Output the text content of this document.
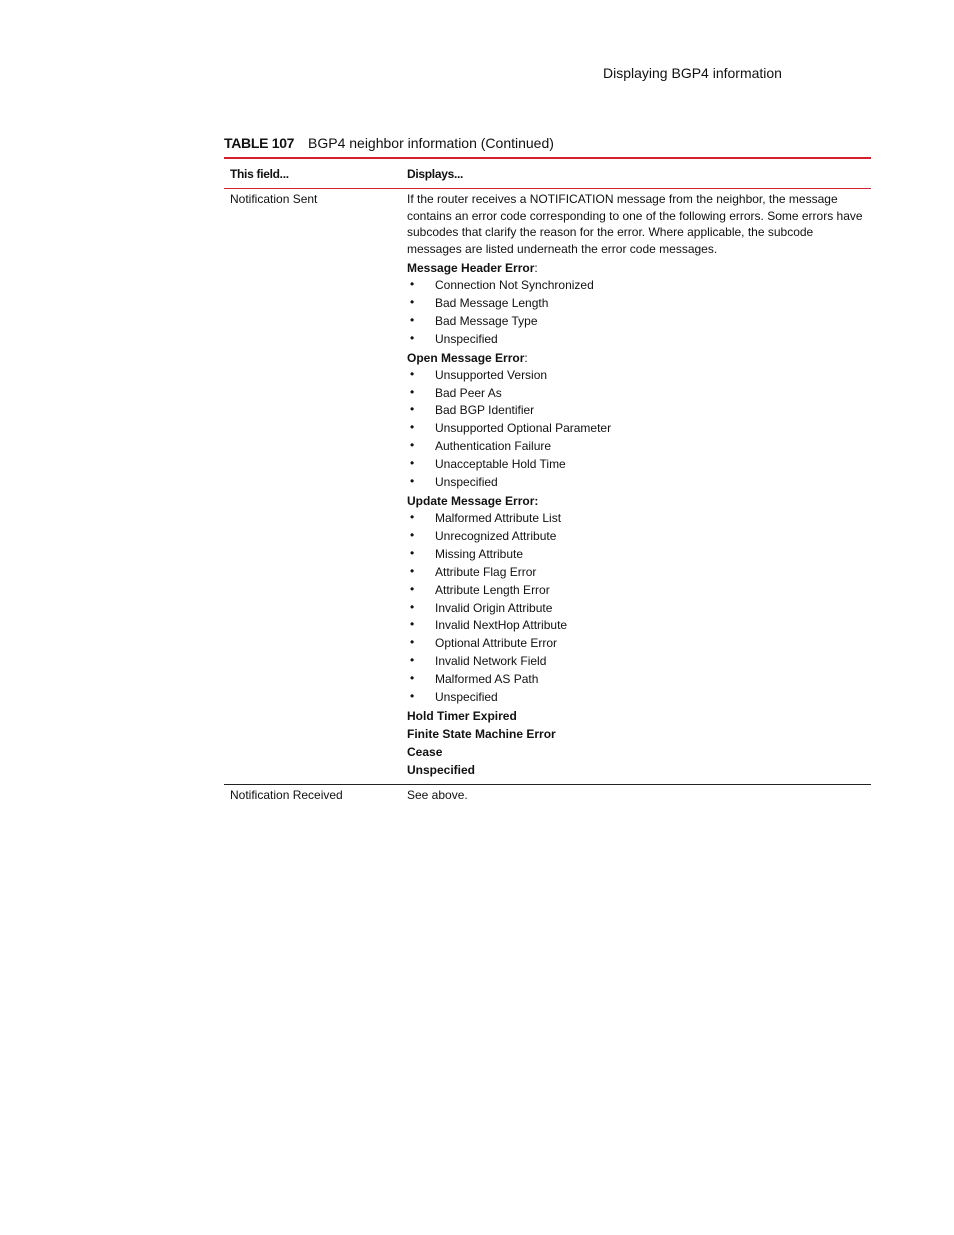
Displaying BGP4 information
TABLE 107 BGP4 neighbor information (Continued)
This field...	Displays...
Notification Sent	If the router receives a NOTIFICATION message from the neighbor, the message contains an error code corresponding to one of the following errors. Some errors have subcodes that clarify the reason for the error. Where applicable, the subcode messages are listed underneath the error code messages.
Message Header Error:
• Connection Not Synchronized
• Bad Message Length
• Bad Message Type
• Unspecified
Open Message Error:
• Unsupported Version
• Bad Peer As
• Bad BGP Identifier
• Unsupported Optional Parameter
• Authentication Failure
• Unacceptable Hold Time
• Unspecified
Update Message Error:
• Malformed Attribute List
• Unrecognized Attribute
• Missing Attribute
• Attribute Flag Error
• Attribute Length Error
• Invalid Origin Attribute
• Invalid NextHop Attribute
• Optional Attribute Error
• Invalid Network Field
• Malformed AS Path
• Unspecified
Hold Timer Expired
Finite State Machine Error
Cease
Unspecified
Notification Received	See above.
